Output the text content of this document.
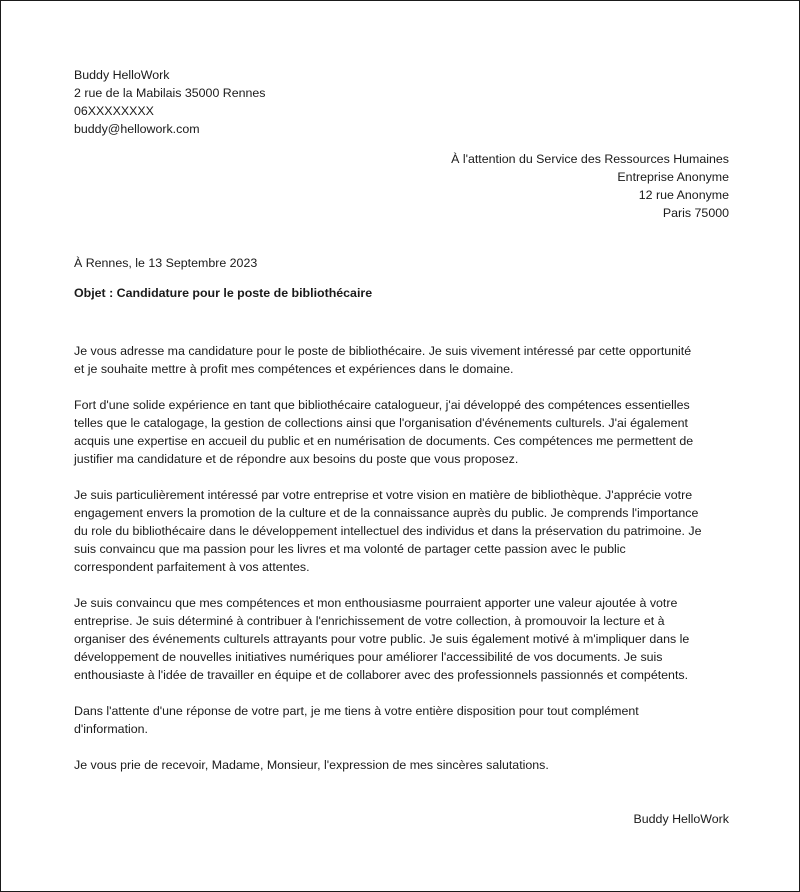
Buddy HelloWork
2 rue de la Mabilais 35000 Rennes
06XXXXXXXX
buddy@hellowork.com
À l'attention du Service des Ressources Humaines
Entreprise Anonyme
12 rue Anonyme
Paris 75000
À Rennes, le 13 Septembre 2023
Objet : Candidature pour le poste de bibliothécaire
Je vous adresse ma candidature pour le poste de bibliothécaire. Je suis vivement intéressé par cette opportunité
et je souhaite mettre à profit mes compétences et expériences dans le domaine.
Fort d'une solide expérience en tant que bibliothécaire catalogueur, j'ai développé des compétences essentielles
telles que le catalogage, la gestion de collections ainsi que l'organisation d'événements culturels. J'ai également
acquis une expertise en accueil du public et en numérisation de documents. Ces compétences me permettent de
justifier ma candidature et de répondre aux besoins du poste que vous proposez.
Je suis particulièrement intéressé par votre entreprise et votre vision en matière de bibliothèque. J'apprécie votre
engagement envers la promotion de la culture et de la connaissance auprès du public. Je comprends l'importance
du role du bibliothécaire dans le développement intellectuel des individus et dans la préservation du patrimoine. Je
suis convaincu que ma passion pour les livres et ma volonté de partager cette passion avec le public
correspondent parfaitement à vos attentes.
Je suis convaincu que mes compétences et mon enthousiasme pourraient apporter une valeur ajoutée à votre
entreprise. Je suis déterminé à contribuer à l'enrichissement de votre collection, à promouvoir la lecture et à
organiser des événements culturels attrayants pour votre public. Je suis également motivé à m'impliquer dans le
développement de nouvelles initiatives numériques pour améliorer l'accessibilité de vos documents. Je suis
enthousiaste à l'idée de travailler en équipe et de collaborer avec des professionnels passionnés et compétents.
Dans l'attente d'une réponse de votre part, je me tiens à votre entière disposition pour tout complément
d'information.
Je vous prie de recevoir, Madame, Monsieur, l'expression de mes sincères salutations.
Buddy HelloWork
